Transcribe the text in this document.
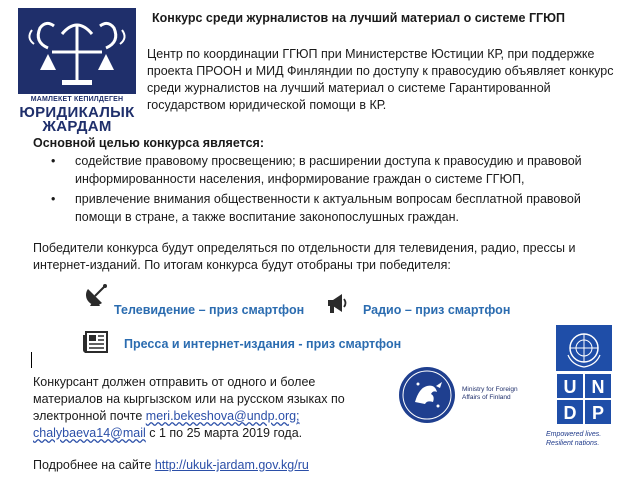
МАМЛЕКЕТ КЕПИЛДЕГЕН
ЮРИДИКАЛЫК
ЖАРДАМ
Конкурс среди журналистов на лучший материал о системе ГГЮП
Центр по координации ГГЮП при Министерстве Юстиции КР, при поддержке проекта ПРООН и МИД Финляндии по доступу к правосудию объявляет конкурс среди журналистов на лучший материал о системе Гарантированной государством юридической помощи в КР.
Основной целью конкурса является:
• содействие правовому просвещению; в расширении доступа к правосудию и правовой информированности населения, информирование граждан о системе ГГЮП,
• привлечение внимания общественности к актуальным вопросам бесплатной правовой помощи в стране, а также воспитание законопослушных граждан.
Победители конкурса будут определяться по отдельности для телевидения, радио, прессы и интернет-изданий. По итогам конкурса будут отобраны три победителя:
Телевидение – приз смартфон	Радио – приз смартфон
Пресса и интернет-издания - приз смартфон
Конкурсант должен отправить от одного и более материалов на кыргызском или на русском языках по электронной почте meri.bekeshova@undp.org; chalybaeva14@mail с 1 по 25 марта 2019 года.
Подробнее на сайте http://ukuk-jardam.gov.kg/ru
Ministry for Foreign
Affairs of Finland
U N
D P
Empowered lives.
Resilient nations.
